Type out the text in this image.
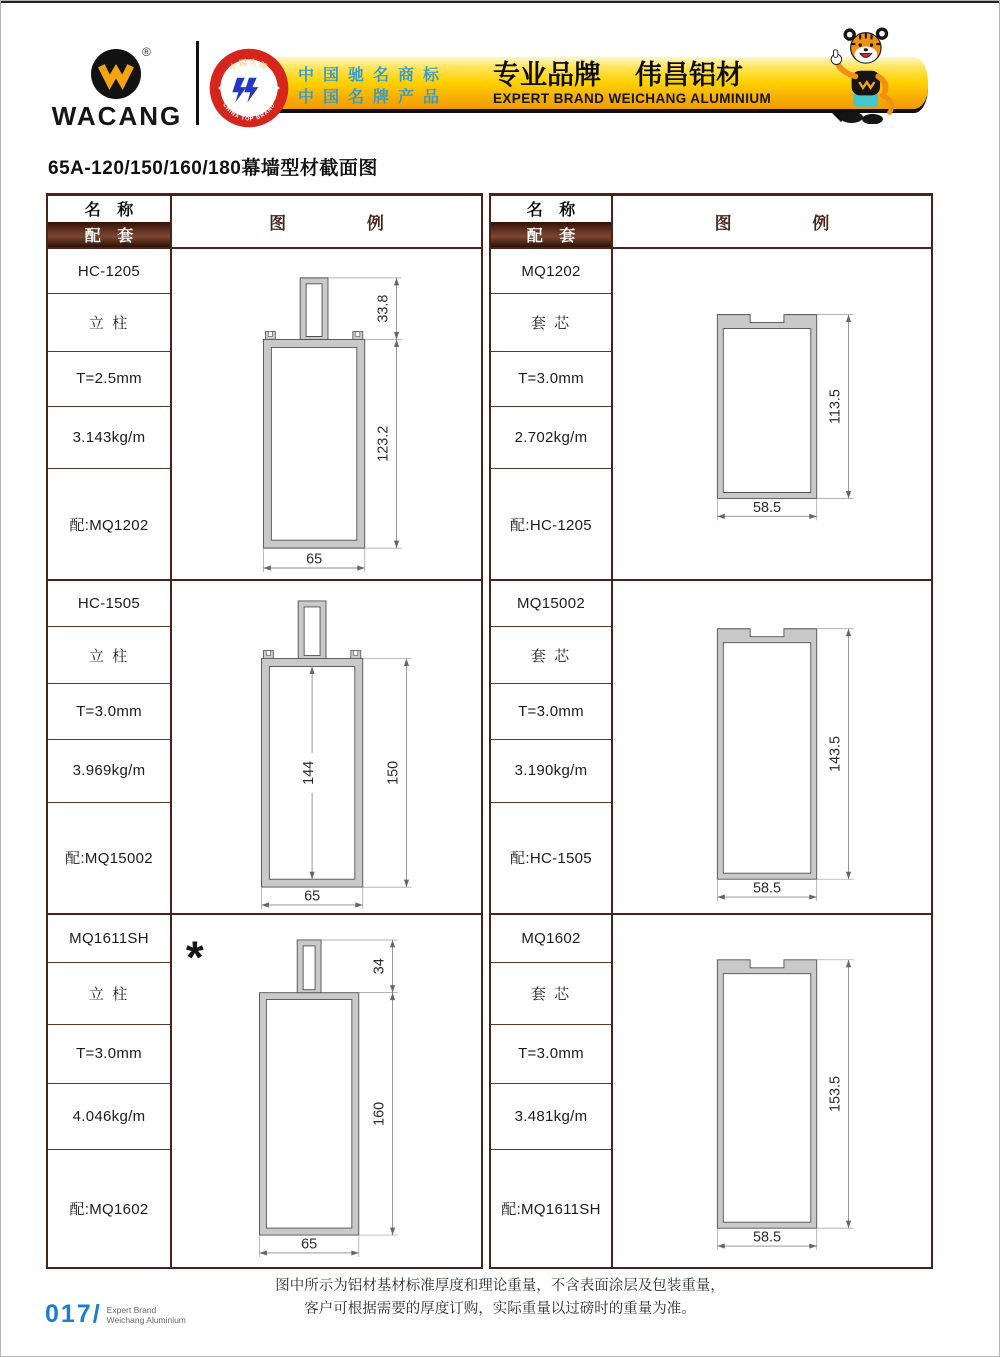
®
WACANG
中国名牌
CHINA TOP BRAND
中国驰名商标
中国名牌产品
专业品牌 伟昌铝材
EXPERT BRAND WEICHANG ALUMINIUM
65A-120/150/160/180幕墙型材截面图
名 称
配 套
图 例
HC-1205
立 柱
T=2.5mm
3.143kg/m
配:MQ1202
33.8
123.2
65
HC-1505
立 柱
T=3.0mm
3.969kg/m
配:MQ15002
150
144
65
MQ1611SH
立 柱
T=3.0mm
4.046kg/m
配:MQ1602
34
160
65
*
名 称
配 套
图 例
MQ1202
套 芯
T=3.0mm
2.702kg/m
配:HC-1205
113.5
58.5
MQ15002
套 芯
T=3.0mm
3.190kg/m
配:HC-1505
143.5
58.5
MQ1602
套 芯
T=3.0mm
3.481kg/m
配:MQ1611SH
153.5
58.5
图中所示为铝材基材标准厚度和理论重量，不含表面涂层及包装重量，
客户可根据需要的厚度订购，实际重量以过磅时的重量为准。
017/ Expert Brand
Weichang Aluminium
